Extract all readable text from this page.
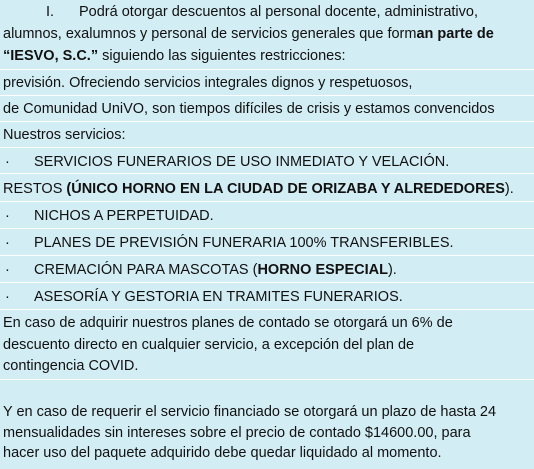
I. Podrá otorgar descuentos al personal docente, administrativo,
alumnos, exalumnos y personal de servicios generales que forman parte de
“IESVO, S.C.” siguiendo las siguientes restricciones:
previsión. Ofreciendo servicios integrales dignos y respetuosos,
de Comunidad UniVO, son tiempos difíciles de crisis y estamos convencidos
Nuestros servicios:
· SERVICIOS FUNERARIOS DE USO INMEDIATO Y VELACIÓN.
RESTOS (ÚNICO HORNO EN LA CIUDAD DE ORIZABA Y ALREDEDORES).
· NICHOS A PERPETUIDAD.
· PLANES DE PREVISIÓN FUNERARIA 100% TRANSFERIBLES.
· CREMACIÓN PARA MASCOTAS (HORNO ESPECIAL).
· ASESORÍA Y GESTORIA EN TRAMITES FUNERARIOS.
En caso de adquirir nuestros planes de contado se otorgará un 6% de
descuento directo en cualquier servicio, a excepción del plan de
contingencia COVID.
Y en caso de requerir el servicio financiado se otorgará un plazo de hasta 24
mensualidades sin intereses sobre el precio de contado $14600.00, para
hacer uso del paquete adquirido debe quedar liquidado al momento.
